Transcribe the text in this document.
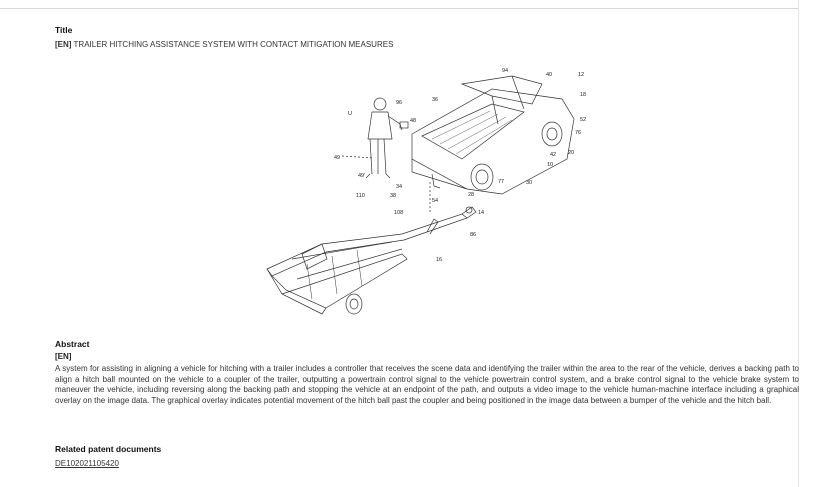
Title
[EN] TRAILER HITCHING ASSISTANCE SYSTEM WITH CONTACT MITIGATION MEASURES
94
40	12
18
52
76
20
42
10
30
77
28
14
86
16
96	36
48
U
49
49'
110	38
34
54
108
Abstract
[EN]
A system for assisting in aligning a vehicle for hitching with a trailer includes a controller that receives the scene data and identifying the trailer within the area to the rear of the vehicle, derives a backing path to align a hitch ball mounted on the vehicle to a coupler of the trailer, outputting a powertrain control signal to the vehicle powertrain control system, and a brake control signal to the vehicle brake system to maneuver the vehicle, including reversing along the backing path and stopping the vehicle at an endpoint of the path, and outputs a video image to the vehicle human-machine interface including a graphical overlay on the image data. The graphical overlay indicates potential movement of the hitch ball past the coupler and being positioned in the image data between a bumper of the vehicle and the hitch ball.
Related patent documents
DE102021105420
